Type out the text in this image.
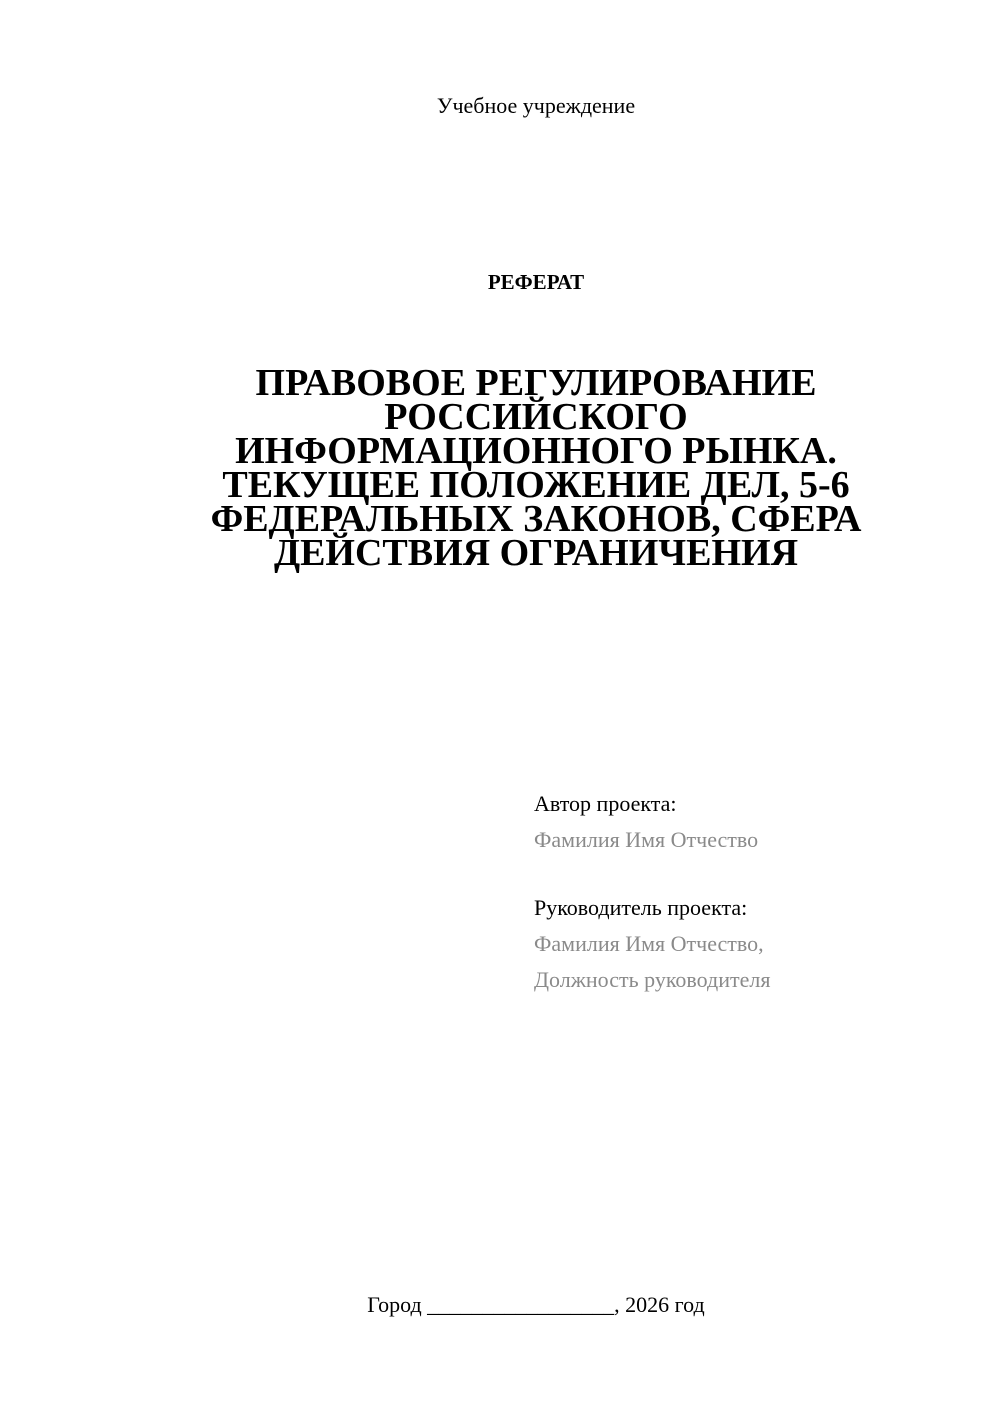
Учебное учреждение
РЕФЕРАТ
ПРАВОВОЕ РЕГУЛИРОВАНИЕ
РОССИЙСКОГО
ИНФОРМАЦИОННОГО РЫНКА.
ТЕКУЩЕЕ ПОЛОЖЕНИЕ ДЕЛ, 5-6
ФЕДЕРАЛЬНЫХ ЗАКОНОВ, СФЕРА
ДЕЙСТВИЯ ОГРАНИЧЕНИЯ
Автор проекта:
Фамилия Имя Отчество
Руководитель проекта:
Фамилия Имя Отчество,
Должность руководителя
Город _________________, 2026 год
